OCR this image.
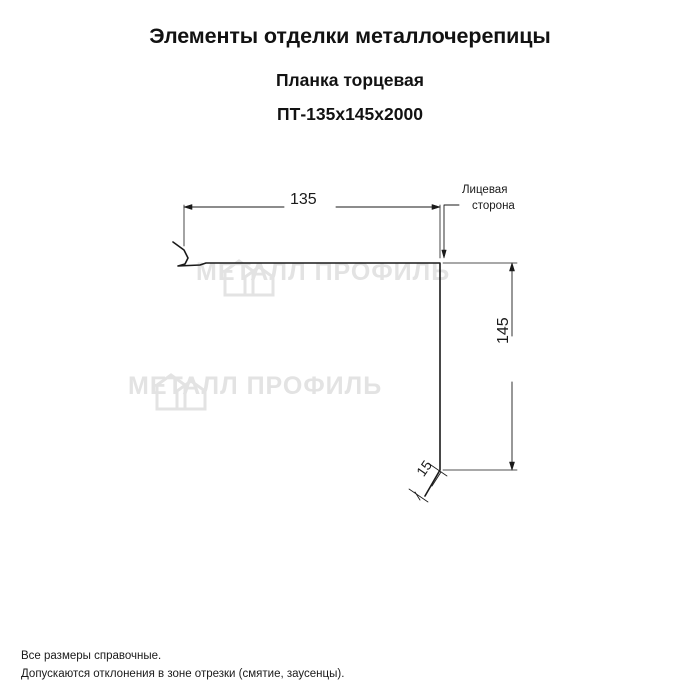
Элементы отделки металлочерепицы
Планка торцевая
ПТ-135x145x2000
МЕТАЛЛ ПРОФИЛЬ
МЕТАЛЛ ПРОФИЛЬ
135
145
15
Лицевая
сторона
Все размеры справочные.
Допускаются отклонения в зоне отрезки (смятие, заусенцы).
